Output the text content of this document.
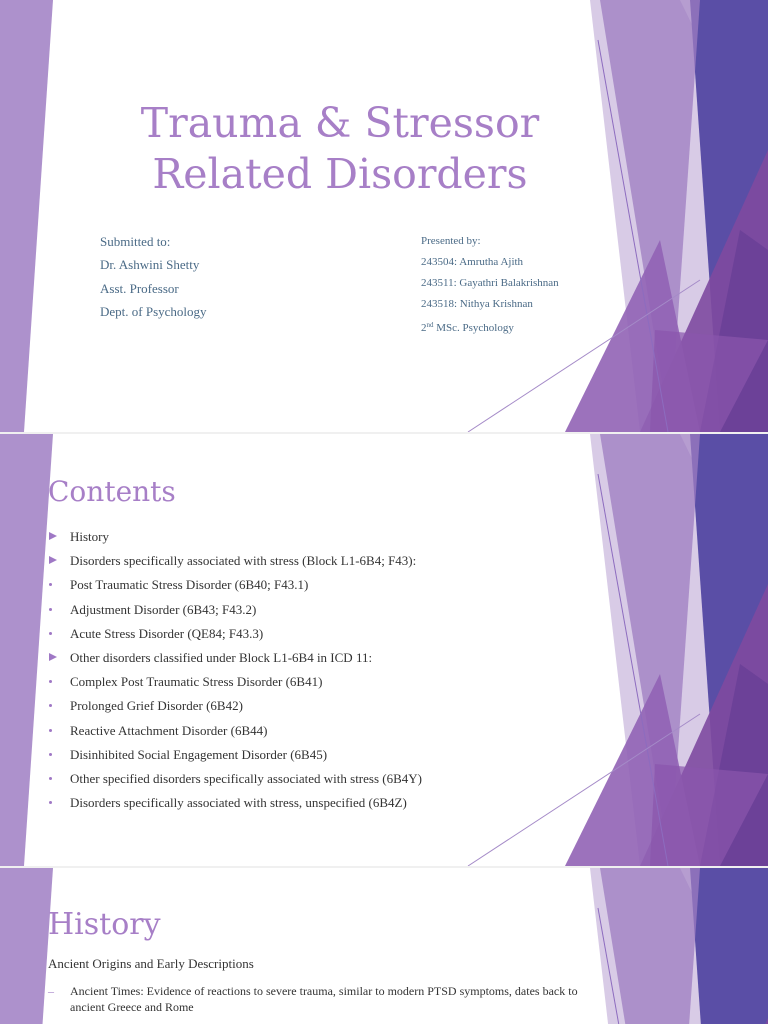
Trauma & Stressor
Related Disorders
Submitted to:
Dr. Ashwini Shetty
Asst. Professor
Dept. of Psychology
Presented by:
243504: Amrutha Ajith
243511: Gayathri Balakrishnan
243518: Nithya Krishnan
2nd MSc. Psychology
Contents
History
Disorders specifically associated with stress (Block L1-6B4; F43):
Post Traumatic Stress Disorder (6B40; F43.1)
Adjustment Disorder (6B43; F43.2)
Acute Stress Disorder (QE84; F43.3)
Other disorders classified under Block L1-6B4 in ICD 11:
Complex Post Traumatic Stress Disorder (6B41)
Prolonged Grief Disorder (6B42)
Reactive Attachment Disorder (6B44)
Disinhibited Social Engagement Disorder (6B45)
Other specified disorders specifically associated with stress (6B4Y)
Disorders specifically associated with stress, unspecified (6B4Z)
History

Ancient Origins and Early Descriptions

– Ancient Times: Evidence of reactions to severe trauma, similar to modern PTSD symptoms, dates back to ancient Greece and Rome
